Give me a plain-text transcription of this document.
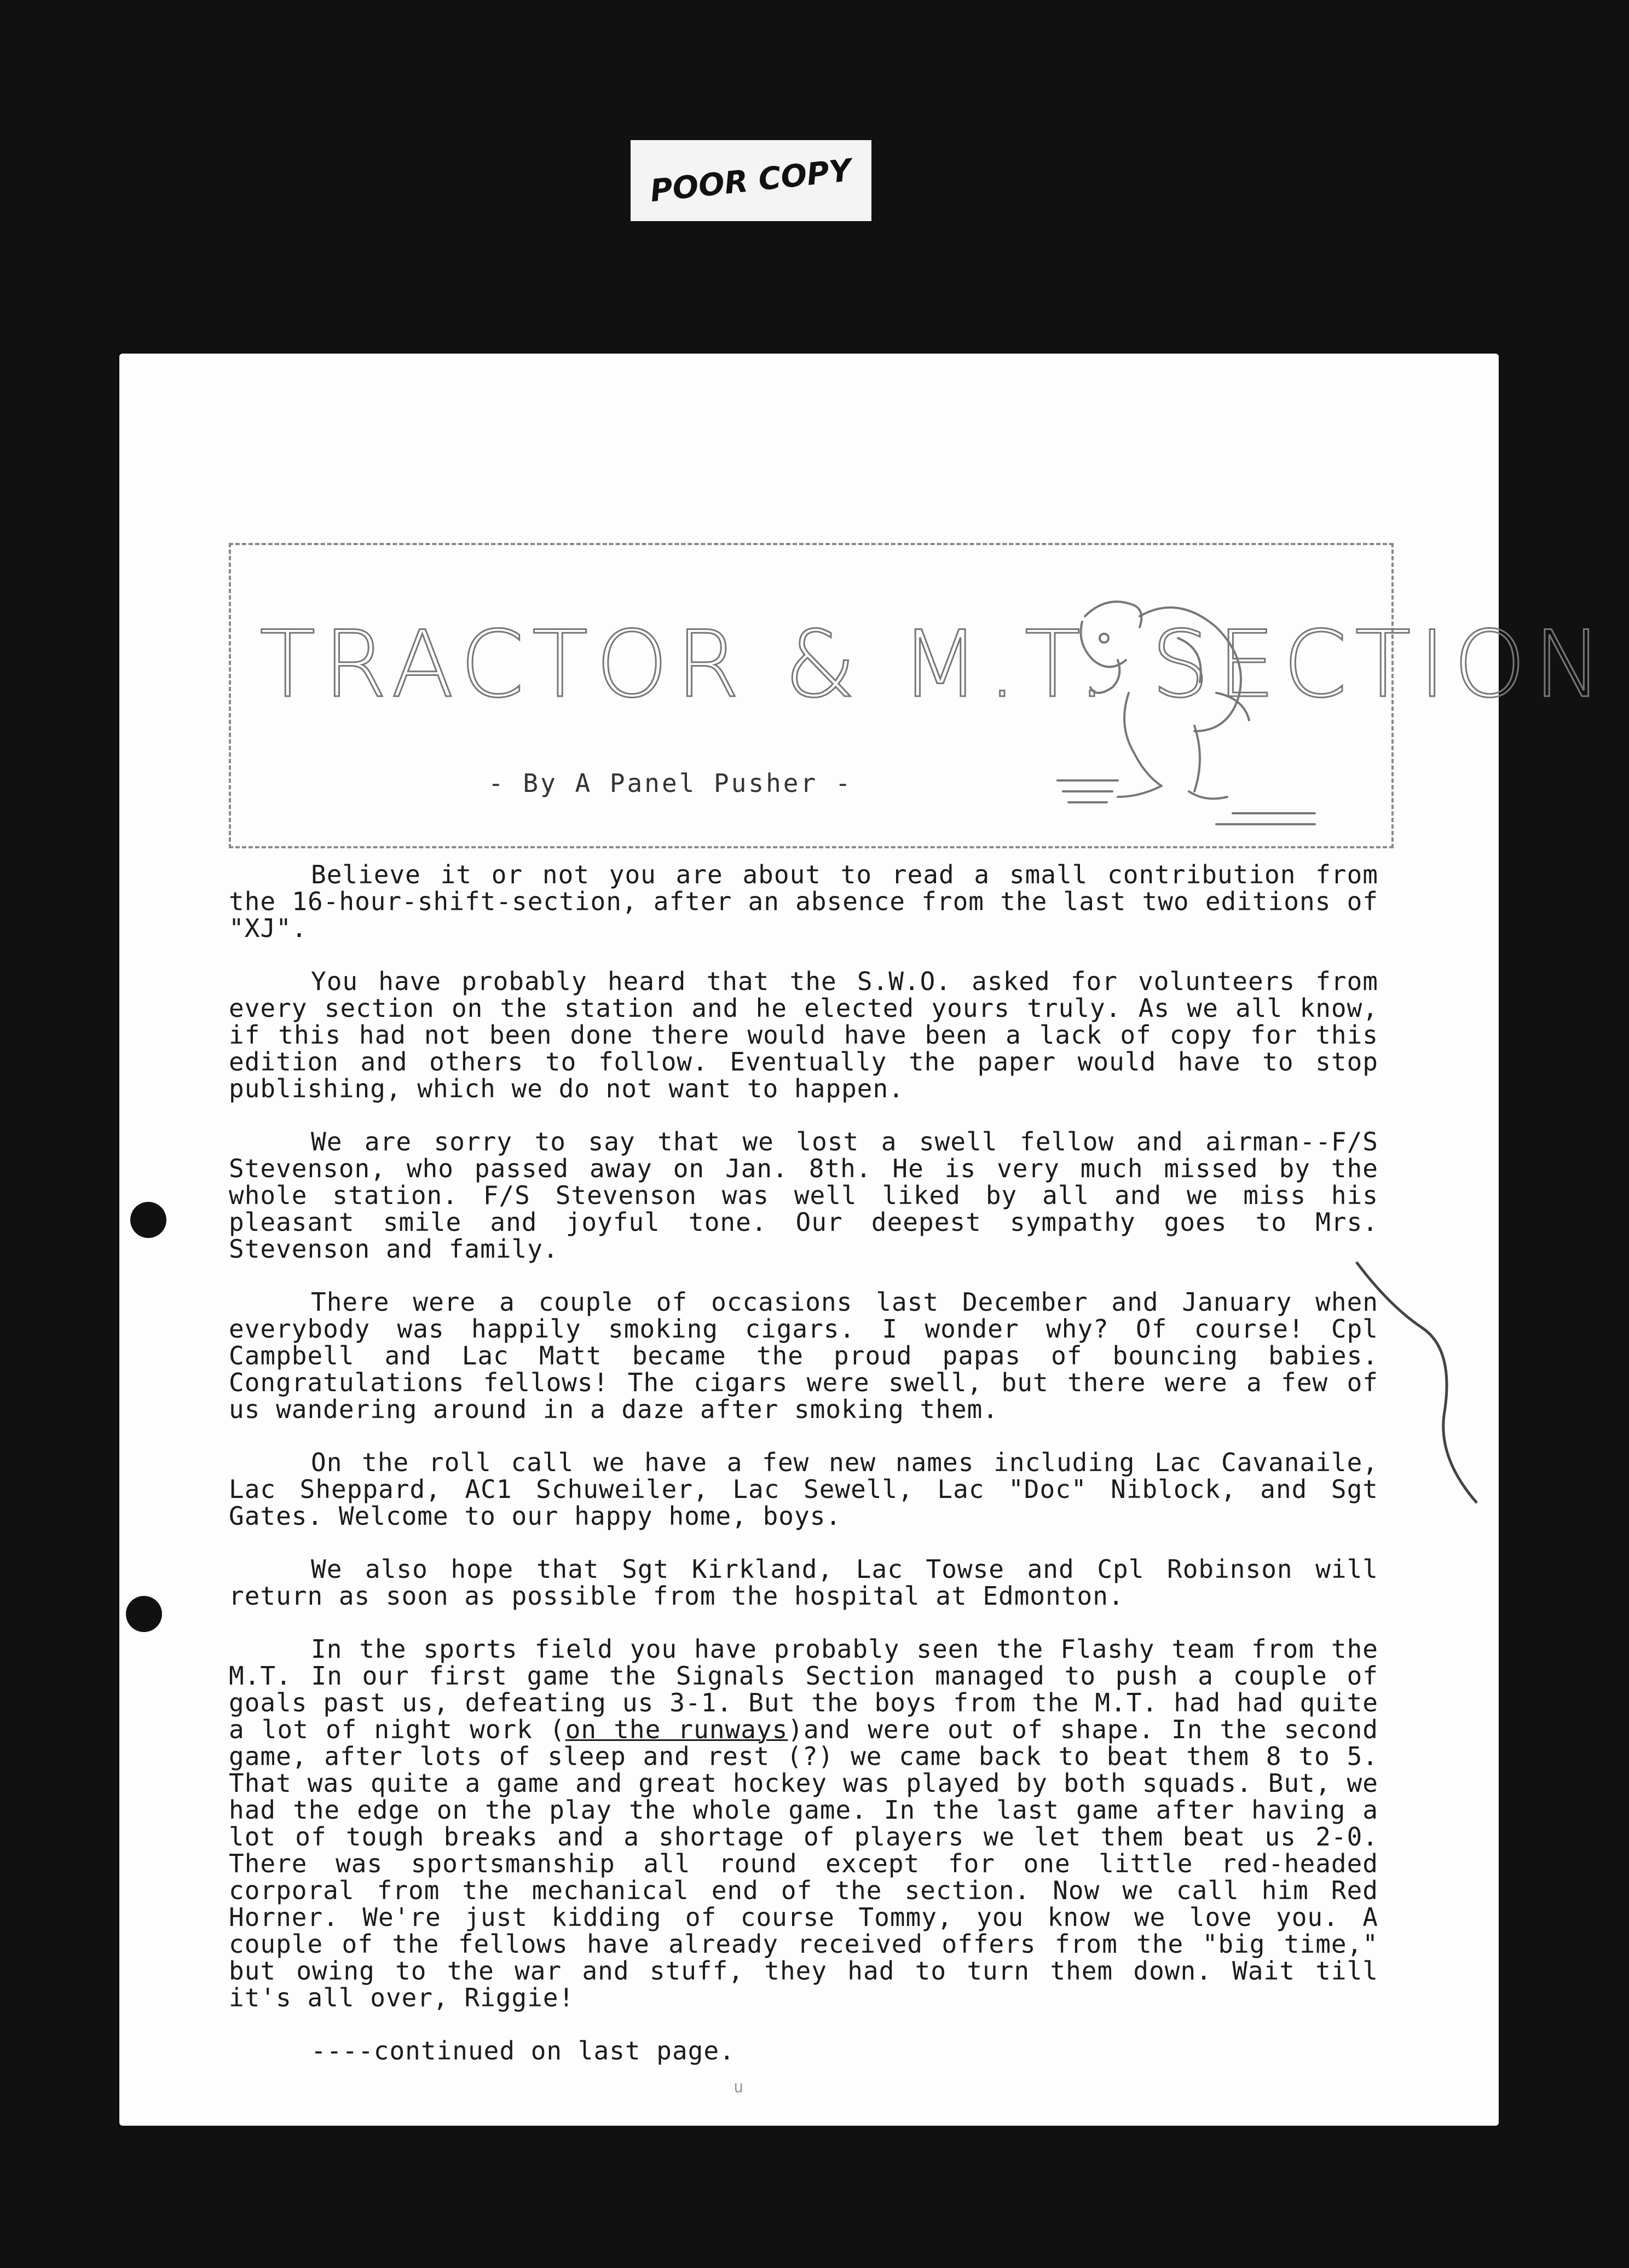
POOR COPY
TRACTOR & M.T. SECTION
- By A Panel Pusher -

Believe it or not you are about to read a small contribution from the 16-hour-shift-section, after an absence from the last two editions of "XJ".

You have probably heard that the S.W.O. asked for volunteers from every section on the station and he elected yours truly. As we all know, if this had not been done there would have been a lack of copy for this edition and others to follow. Eventually the paper would have to stop publishing, which we do not want to happen.

We are sorry to say that we lost a swell fellow and airman--F/S Stevenson, who passed away on Jan. 8th. He is very much missed by the whole station. F/S Stevenson was well liked by all and we miss his pleasant smile and joyful tone. Our deepest sympathy goes to Mrs. Stevenson and family.

There were a couple of occasions last December and January when everybody was happily smoking cigars. I wonder why? Of course! Cpl Campbell and Lac Matt became the proud papas of bouncing babies. Congratulations fellows! The cigars were swell, but there were a few of us wandering around in a daze after smoking them.

On the roll call we have a few new names including Lac Cavanaile, Lac Sheppard, AC1 Schuweiler, Lac Sewell, Lac "Doc" Niblock, and Sgt Gates. Welcome to our happy home, boys.

We also hope that Sgt Kirkland, Lac Towse and Cpl Robinson will return as soon as possible from the hospital at Edmonton.

In the sports field you have probably seen the Flashy team from the M.T. In our first game the Signals Section managed to push a couple of goals past us, defeating us 3-1. But the boys from the M.T. had had quite a lot of night work (on the runways)and were out of shape. In the second game, after lots of sleep and rest (?) we came back to beat them 8 to 5. That was quite a game and great hockey was played by both squads. But, we had the edge on the play the whole game. In the last game after having a lot of tough breaks and a shortage of players we let them beat us 2-0. There was sportsmanship all round except for one little red-headed corporal from the mechanical end of the section. Now we call him Red Horner. We're just kidding of course Tommy, you know we love you. A couple of the fellows have already received offers from the "big time," but owing to the war and stuff, they had to turn them down. Wait till it's all over, Riggie!

----continued on last page.

u
